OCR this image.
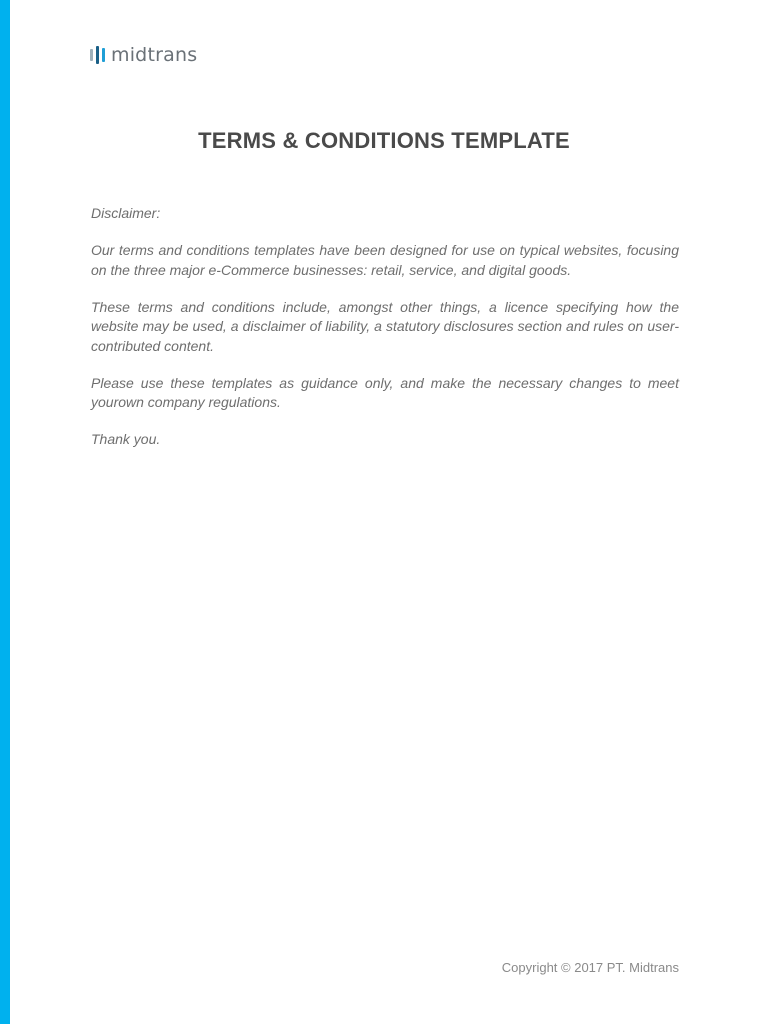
midtrans
TERMS & CONDITIONS TEMPLATE

Disclaimer:

Our terms and conditions templates have been designed for use on typical websites, focusing on the three major e-Commerce businesses: retail, service, and digital goods.

These terms and conditions include, amongst other things, a licence specifying how the website may be used, a disclaimer of liability, a statutory disclosures section and rules on user-contributed content.

Please use these templates as guidance only, and make the necessary changes to meet yourown company regulations.

Thank you.

Copyright © 2017 PT. Midtrans
